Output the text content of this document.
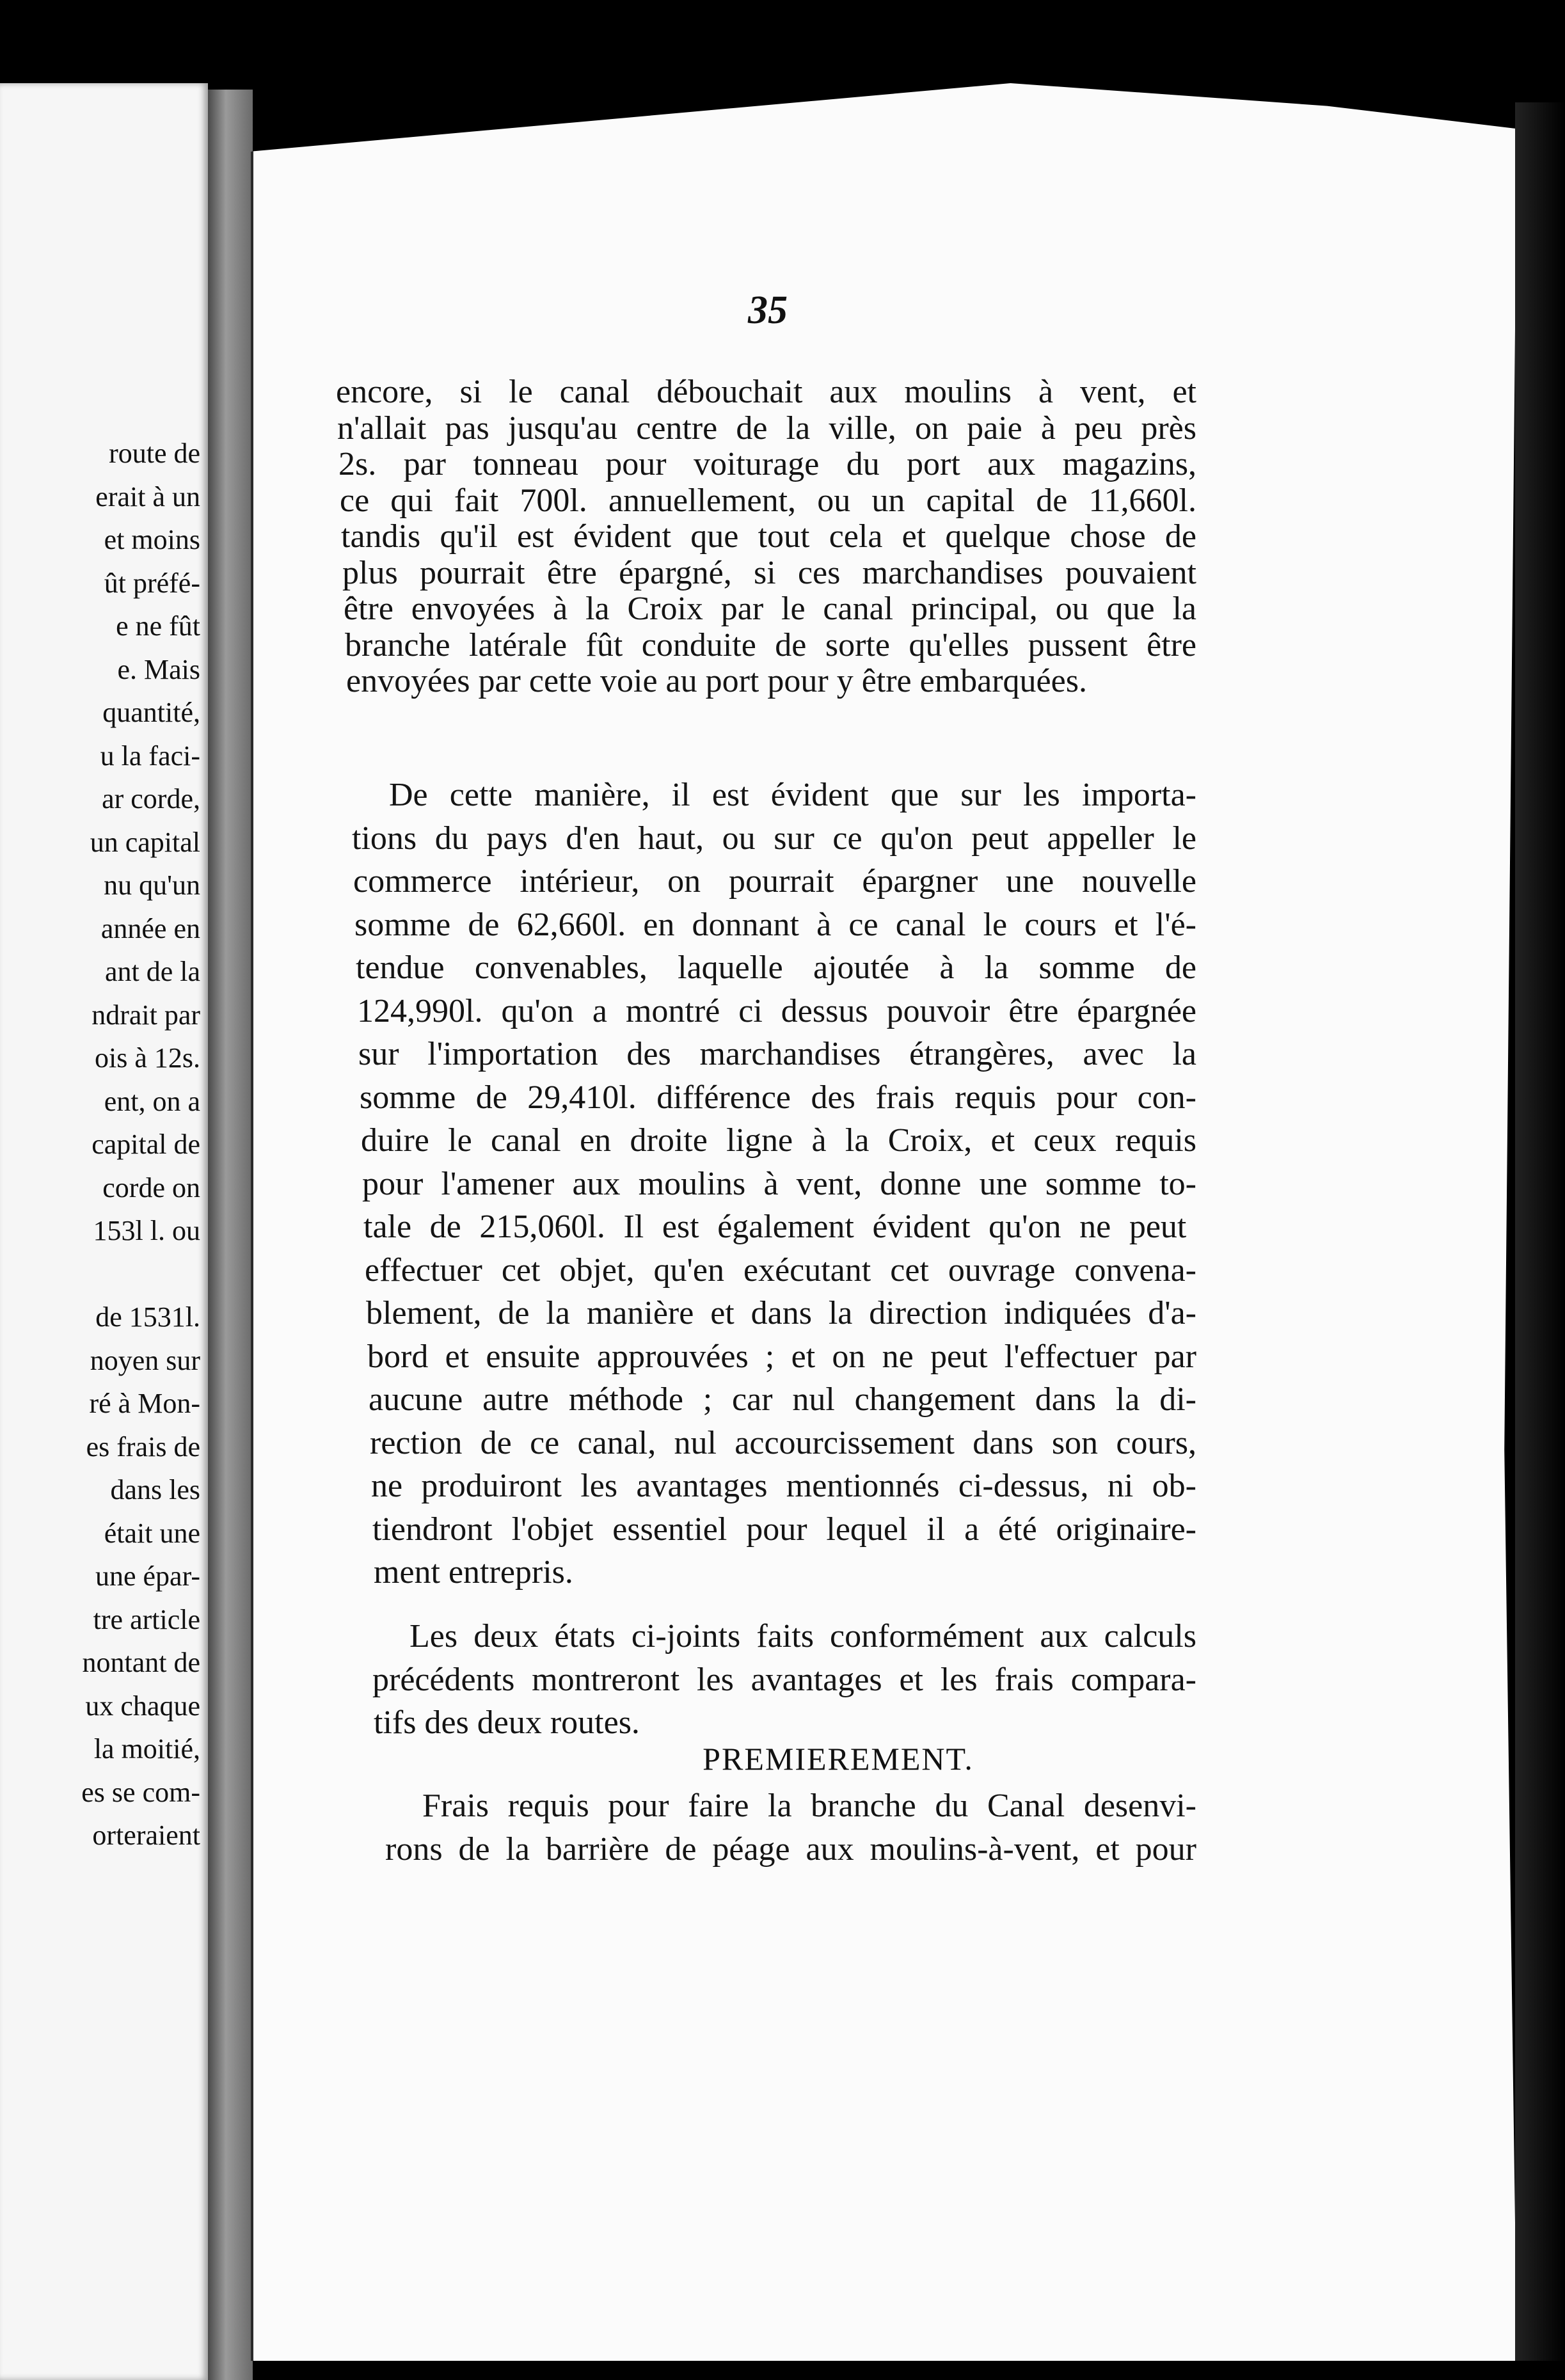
35
PREMIEREMENT.
route de
erait à un
et moins
ût préfé-
e ne fût
e. Mais
quantité,
u la faci-
ar corde,
un capital
nu qu'un
année en
ant de la
ndrait par
ois à 12s.
ent, on a
capital de
corde on
153l l. ou
de 1531l.
noyen sur
ré à Mon-
es frais de
dans les
était une
une épar-
tre article
nontant de
ux chaque
la moitié,
es se com-
orteraient
encore, si le canal débouchait aux moulins à vent, et
n'allait pas jusqu'au centre de la ville, on paie à peu près
2s. par tonneau pour voiturage du port aux magazins,
ce qui fait 700l. annuellement, ou un capital de 11,660l.
tandis qu'il est évident que tout cela et quelque chose de
plus pourrait être épargné, si ces marchandises pouvaient
être envoyées à la Croix par le canal principal, ou que la
branche latérale fût conduite de sorte qu'elles pussent être
envoyées par cette voie au port pour y être embarquées.
De cette manière, il est évident que sur les importa-
tions du pays d'en haut, ou sur ce qu'on peut appeller le
commerce intérieur, on pourrait épargner une nouvelle
somme de 62,660l. en donnant à ce canal le cours et l'é-
tendue convenables, laquelle ajoutée à la somme de
124,990l. qu'on a montré ci dessus pouvoir être épargnée
sur l'importation des marchandises étrangères, avec la
somme de 29,410l. différence des frais requis pour con-
duire le canal en droite ligne à la Croix, et ceux requis
pour l'amener aux moulins à vent, donne une somme to-
tale de 215,060l. Il est également évident qu'on ne peut
effectuer cet objet, qu'en exécutant cet ouvrage convena-
blement, de la manière et dans la direction indiquées d'a-
bord et ensuite approuvées ; et on ne peut l'effectuer par
aucune autre méthode ; car nul changement dans la di-
rection de ce canal, nul accourcissement dans son cours,
ne produiront les avantages mentionnés ci-dessus, ni ob-
tiendront l'objet essentiel pour lequel il a été originaire-
ment entrepris.
Les deux états ci-joints faits conformément aux calculs
précédents montreront les avantages et les frais compara-
tifs des deux routes.
Frais requis pour faire la branche du Canal desenvi-
rons de la barrière de péage aux moulins-à-vent, et pour
